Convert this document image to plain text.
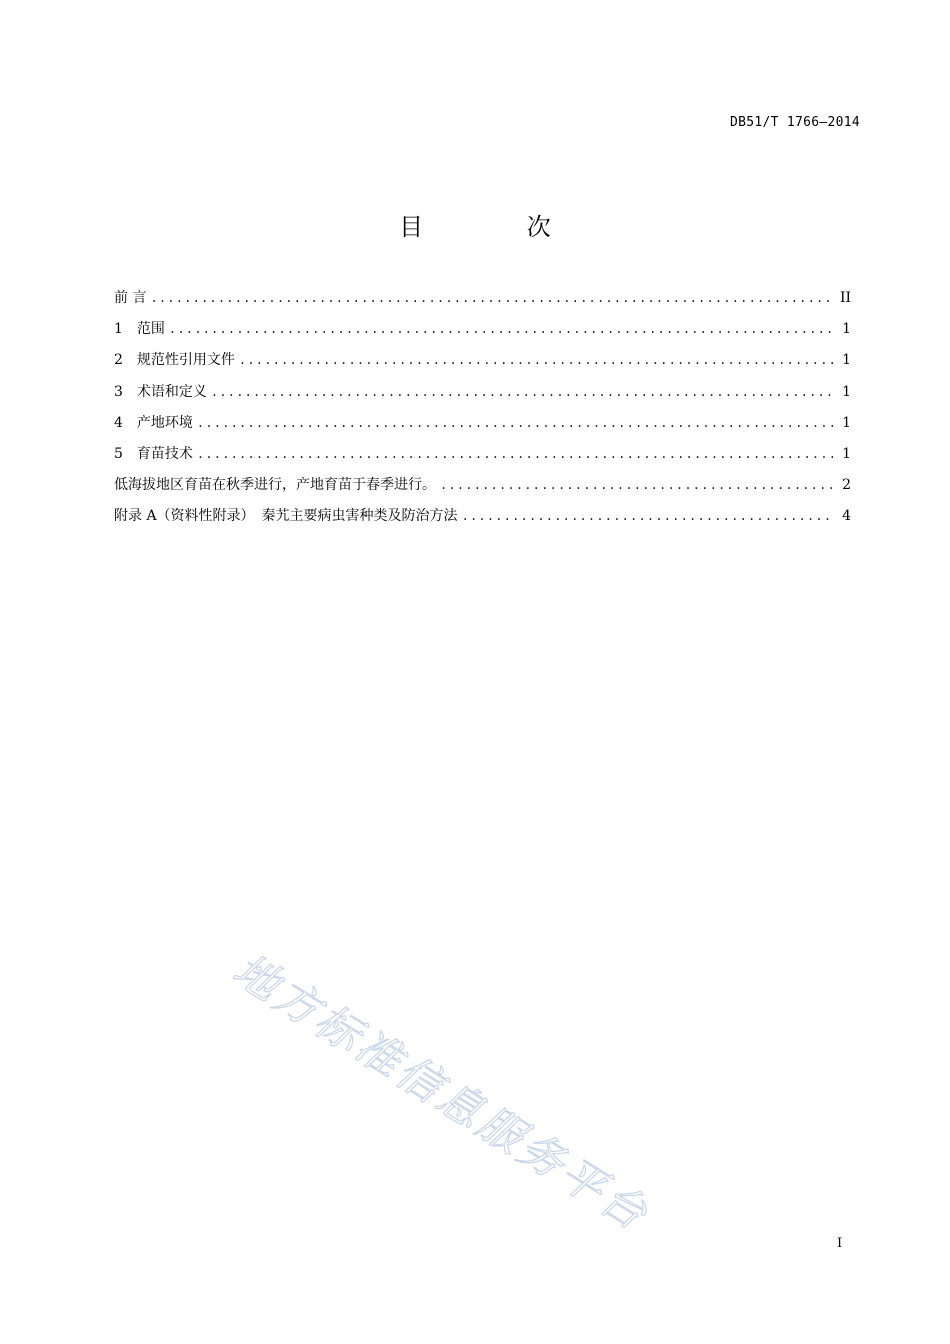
DB51/T 1766—2014
目 次
前 言 .....	II
1　范围 .....	1
2　规范性引用文件 .....	1
3　术语和定义 .....	1
4　产地环境 .....	1
5　育苗技术 .....	1
低海拔地区育苗在秋季进行，产地育苗于春季进行。 .....	2
附录 A（资料性附录）　秦艽主要病虫害种类及防治方法 .....	4
地方标准信息服务平台
I
